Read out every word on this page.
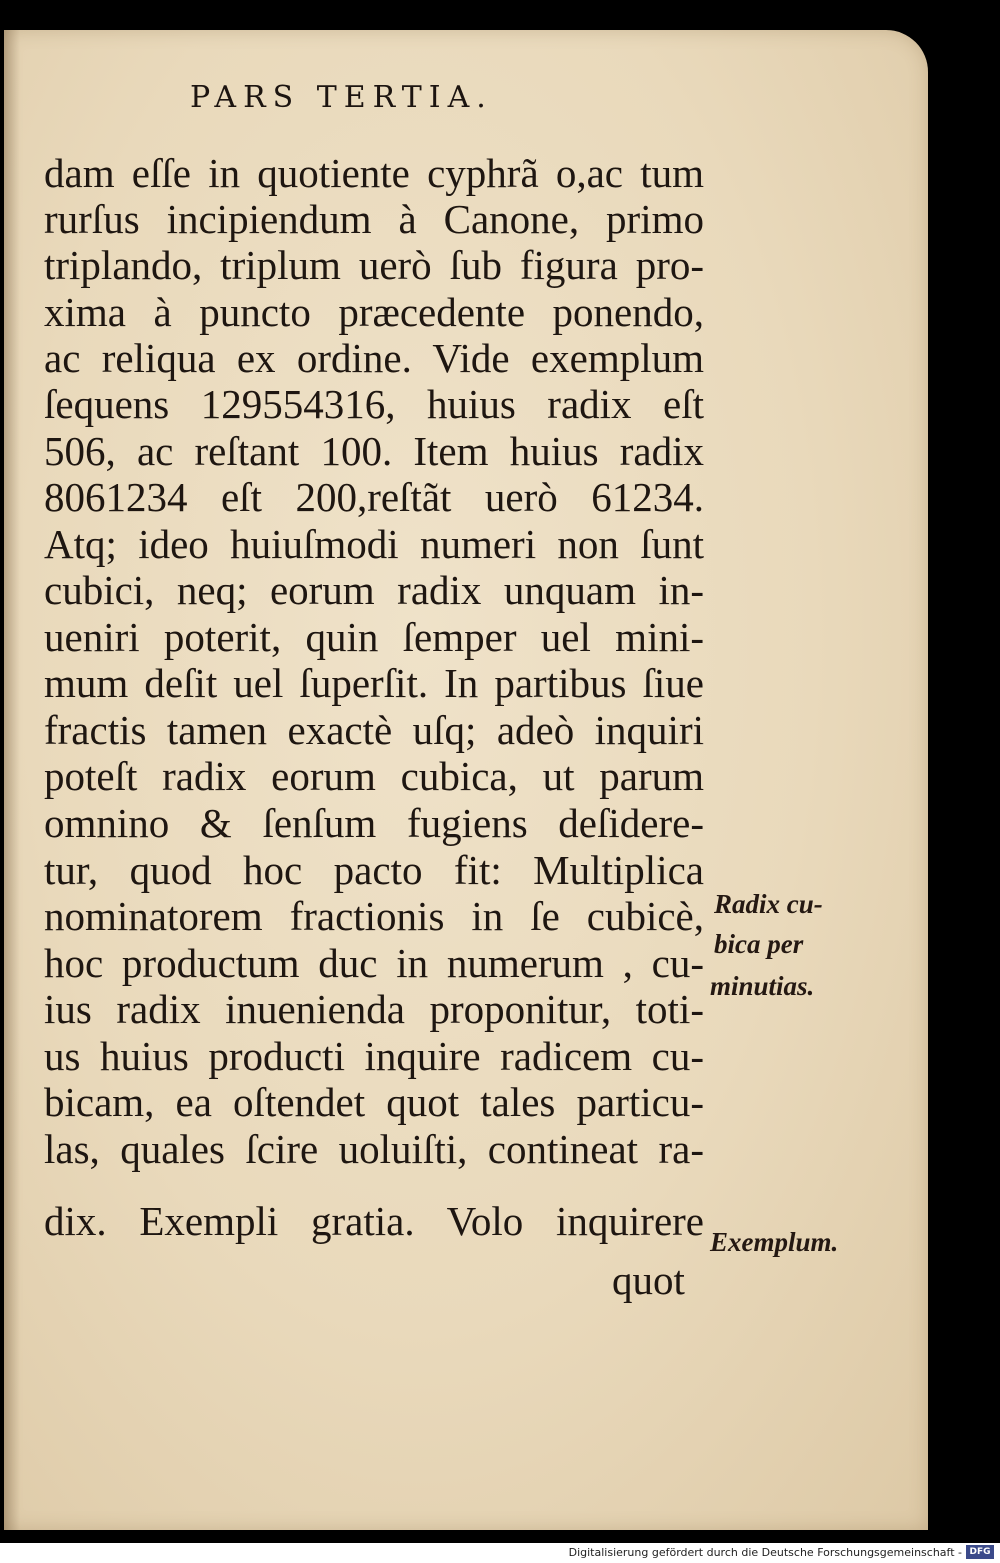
PARS TERTIA.
dam eſſe in quotiente cyphrã o,ac tum
rurſus incipiendum à Canone, primo
triplando, triplum uerò ſub figura pro-
xima à puncto præcedente ponendo,
ac reliqua ex ordine. Vide exemplum
ſequens 129554316, huius radix eſt
506, ac reſtant 100. Item huius radix
8061234 eſt 200,reſtãt uerò 61234.
Atq; ideo huiuſmodi numeri non ſunt
cubici, neq; eorum radix unquam in-
ueniri poterit, quin ſemper uel mini-
mum deſit uel ſuperſit. In partibus ſiue
fractis tamen exactè uſq; adeò inquiri
poteſt radix eorum cubica, ut parum
omnino & ſenſum fugiens deſidere-
tur, quod hoc pacto fit: Multiplica
nominatorem fractionis in ſe cubicè,
hoc productum duc in numerum , cu-
ius radix inuenienda proponitur, toti-
us huius producti inquire radicem cu-
bicam, ea oſtendet quot tales particu-
las, quales ſcire uoluiſti, contineat ra-
dix. Exempli gratia. Volo inquirere
quot
Radix cu-
bica per
minutias.
Exemplum.
Digitalisierung gefördert durch die Deutsche Forschungsgemeinschaft - DFG
